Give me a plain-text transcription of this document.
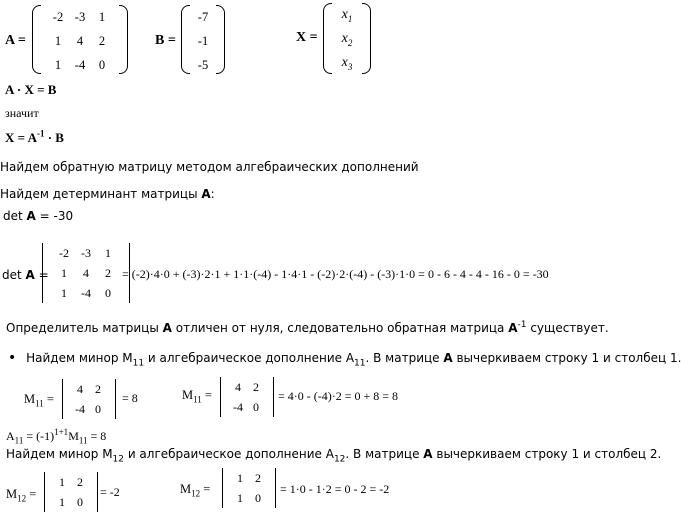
A =
-2 -3	1
1	4	2
1	-4	0
B =
-7
-1
-5
X =
$x_1$
$x_2$
$x_3$
A · X = B
значит
$X = A^{-1} \cdot B$
Найдем обратную матрицу методом алгебраических дополнений
Найдем детерминант матрицы A:
det A = -30
det A =
-2	-3	1
1	4	2
1	-4	0
= (-2)·4·0 + (-3)·2·1 + 1·1·(-4) - 1·4·1 - (-2)·2·(-4) - (-3)·1·0 = 0 - 6 - 4 - 4 - 16 - 0 = -30
Определитель матрицы A отличен от нуля, следовательно обратная матрица $A^{-1}$ существует.
• Найдем минор $M_{11}$ и алгебраическое дополнение $A_{11}$. В матрице A вычеркиваем строку 1 и столбец 1.
$M_{11}$ =
4	2
-4 0
= 8	$M_{11}$ =
4	2
-4 0
= 4·0 - (-4)·2 = 0 + 8 = 8
$A_{11} = (-1)^{1+1}M_{11} = 8$
Найдем минор $M_{12}$ и алгебраическое дополнение $A_{12}$. В матрице A вычеркиваем строку 1 и столбец 2.
$M_{12}$ =
1	2
1	0
= -2	$M_{12}$ =
1	2
1	0
= 1·0 - 1·2 = 0 - 2 = -2
